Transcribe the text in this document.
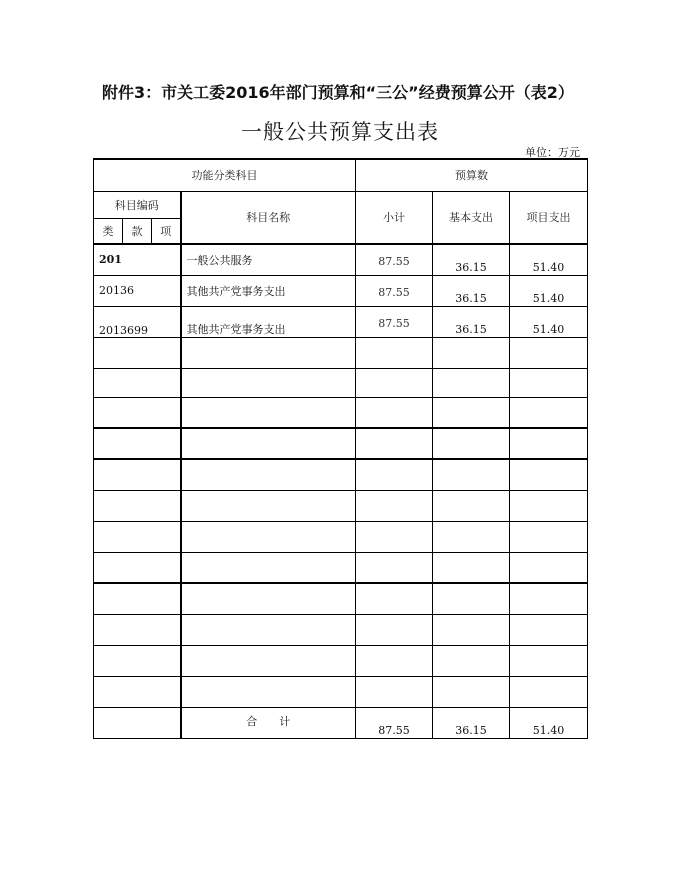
附件3：市关工委2016年部门预算和“三公”经费预算公开（表2）
一般公共预算支出表
单位：万元
功能分类科目				预算数		
科目编码			科目名称	小计	基本支出	项目支出
类	款	项				
201			一般公共服务	87.55	36.15	51.40
20136			其他共产党事务支出	87.55	36.15	51.40
2013699			其他共产党事务支出	87.55	36.15	51.40

			合　　计	87.55	36.15	51.40
